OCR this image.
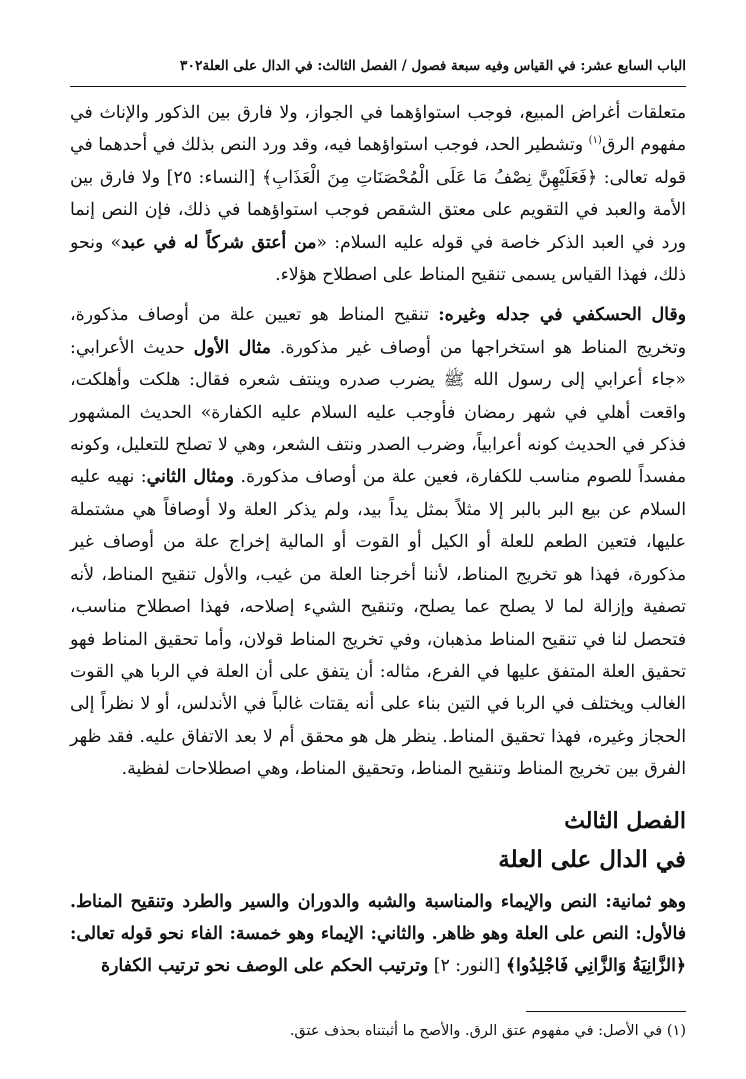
الباب السابع عشر: في القياس وفيه سبعة فصول / الفصل الثالث: في الدال على العلة
٣٠٢

متعلقات أغراض المبيع، فوجب استواؤهما في الجواز، ولا فارق بين الذكور والإناث في مفهوم الرق$^{(١)}$ وتشطير الحد، فوجب استواؤهما فيه، وقد ورد النص بذلك في أحدهما في قوله تعالى: ﴿فَعَلَيْهِنَّ نِصْفُ مَا عَلَى الْمُحْصَنَاتِ مِنَ الْعَذَابِ﴾ [النساء: ٢٥] ولا فارق بين الأمة والعبد في التقويم على معتق الشقص فوجب استواؤهما في ذلك، فإن النص إنما ورد في العبد الذكر خاصة في قوله عليه السلام: «من أعتق شركاً له في عبد» ونحو ذلك، فهذا القياس يسمى تنقيح المناط على اصطلاح هؤلاء.

وقال الحسكفي في جدله وغيره: تنقيح المناط هو تعيين علة من أوصاف مذكورة، وتخريج المناط هو استخراجها من أوصاف غير مذكورة. مثال الأول حديث الأعرابي: «جاء أعرابي إلى رسول الله ﷺ يضرب صدره وينتف شعره فقال: هلكت وأهلكت، واقعت أهلي في شهر رمضان فأوجب عليه السلام عليه الكفارة» الحديث المشهور فذكر في الحديث كونه أعرابياً، وضرب الصدر ونتف الشعر، وهي لا تصلح للتعليل، وكونه مفسداً للصوم مناسب للكفارة، فعين علة من أوصاف مذكورة. ومثال الثاني: نهيه عليه السلام عن بيع البر بالبر إلا مثلاً بمثل يداً بيد، ولم يذكر العلة ولا أوصافاً هي مشتملة عليها، فتعين الطعم للعلة أو الكيل أو القوت أو المالية إخراج علة من أوصاف غير مذكورة، فهذا هو تخريج المناط، لأننا أخرجنا العلة من غيب، والأول تنقيح المناط، لأنه تصفية وإزالة لما لا يصلح عما يصلح، وتنقيح الشيء إصلاحه، فهذا اصطلاح مناسب، فتحصل لنا في تنقيح المناط مذهبان، وفي تخريج المناط قولان، وأما تحقيق المناط فهو تحقيق العلة المتفق عليها في الفرع، مثاله: أن يتفق على أن العلة في الربا هي القوت الغالب ويختلف في الربا في التين بناء على أنه يقتات غالباً في الأندلس، أو لا نظراً إلى الحجاز وغيره، فهذا تحقيق المناط. ينظر هل هو محقق أم لا بعد الاتفاق عليه. فقد ظهر الفرق بين تخريج المناط وتنقيح المناط، وتحقيق المناط، وهي اصطلاحات لفظية.

الفصل الثالث
في الدال على العلة

وهو ثمانية: النص والإيماء والمناسبة والشبه والدوران والسير والطرد وتنقيح المناط. فالأول: النص على العلة وهو ظاهر. والثاني: الإيماء وهو خمسة: الفاء نحو قوله تعالى: ﴿الزَّانِيَةُ وَالزَّانِي فَاجْلِدُوا﴾ [النور: ٢] وترتيب الحكم على الوصف نحو ترتيب الكفارة

(١) في الأصل: في مفهوم عتق الرق. والأصح ما أثبتناه بحذف عتق.
